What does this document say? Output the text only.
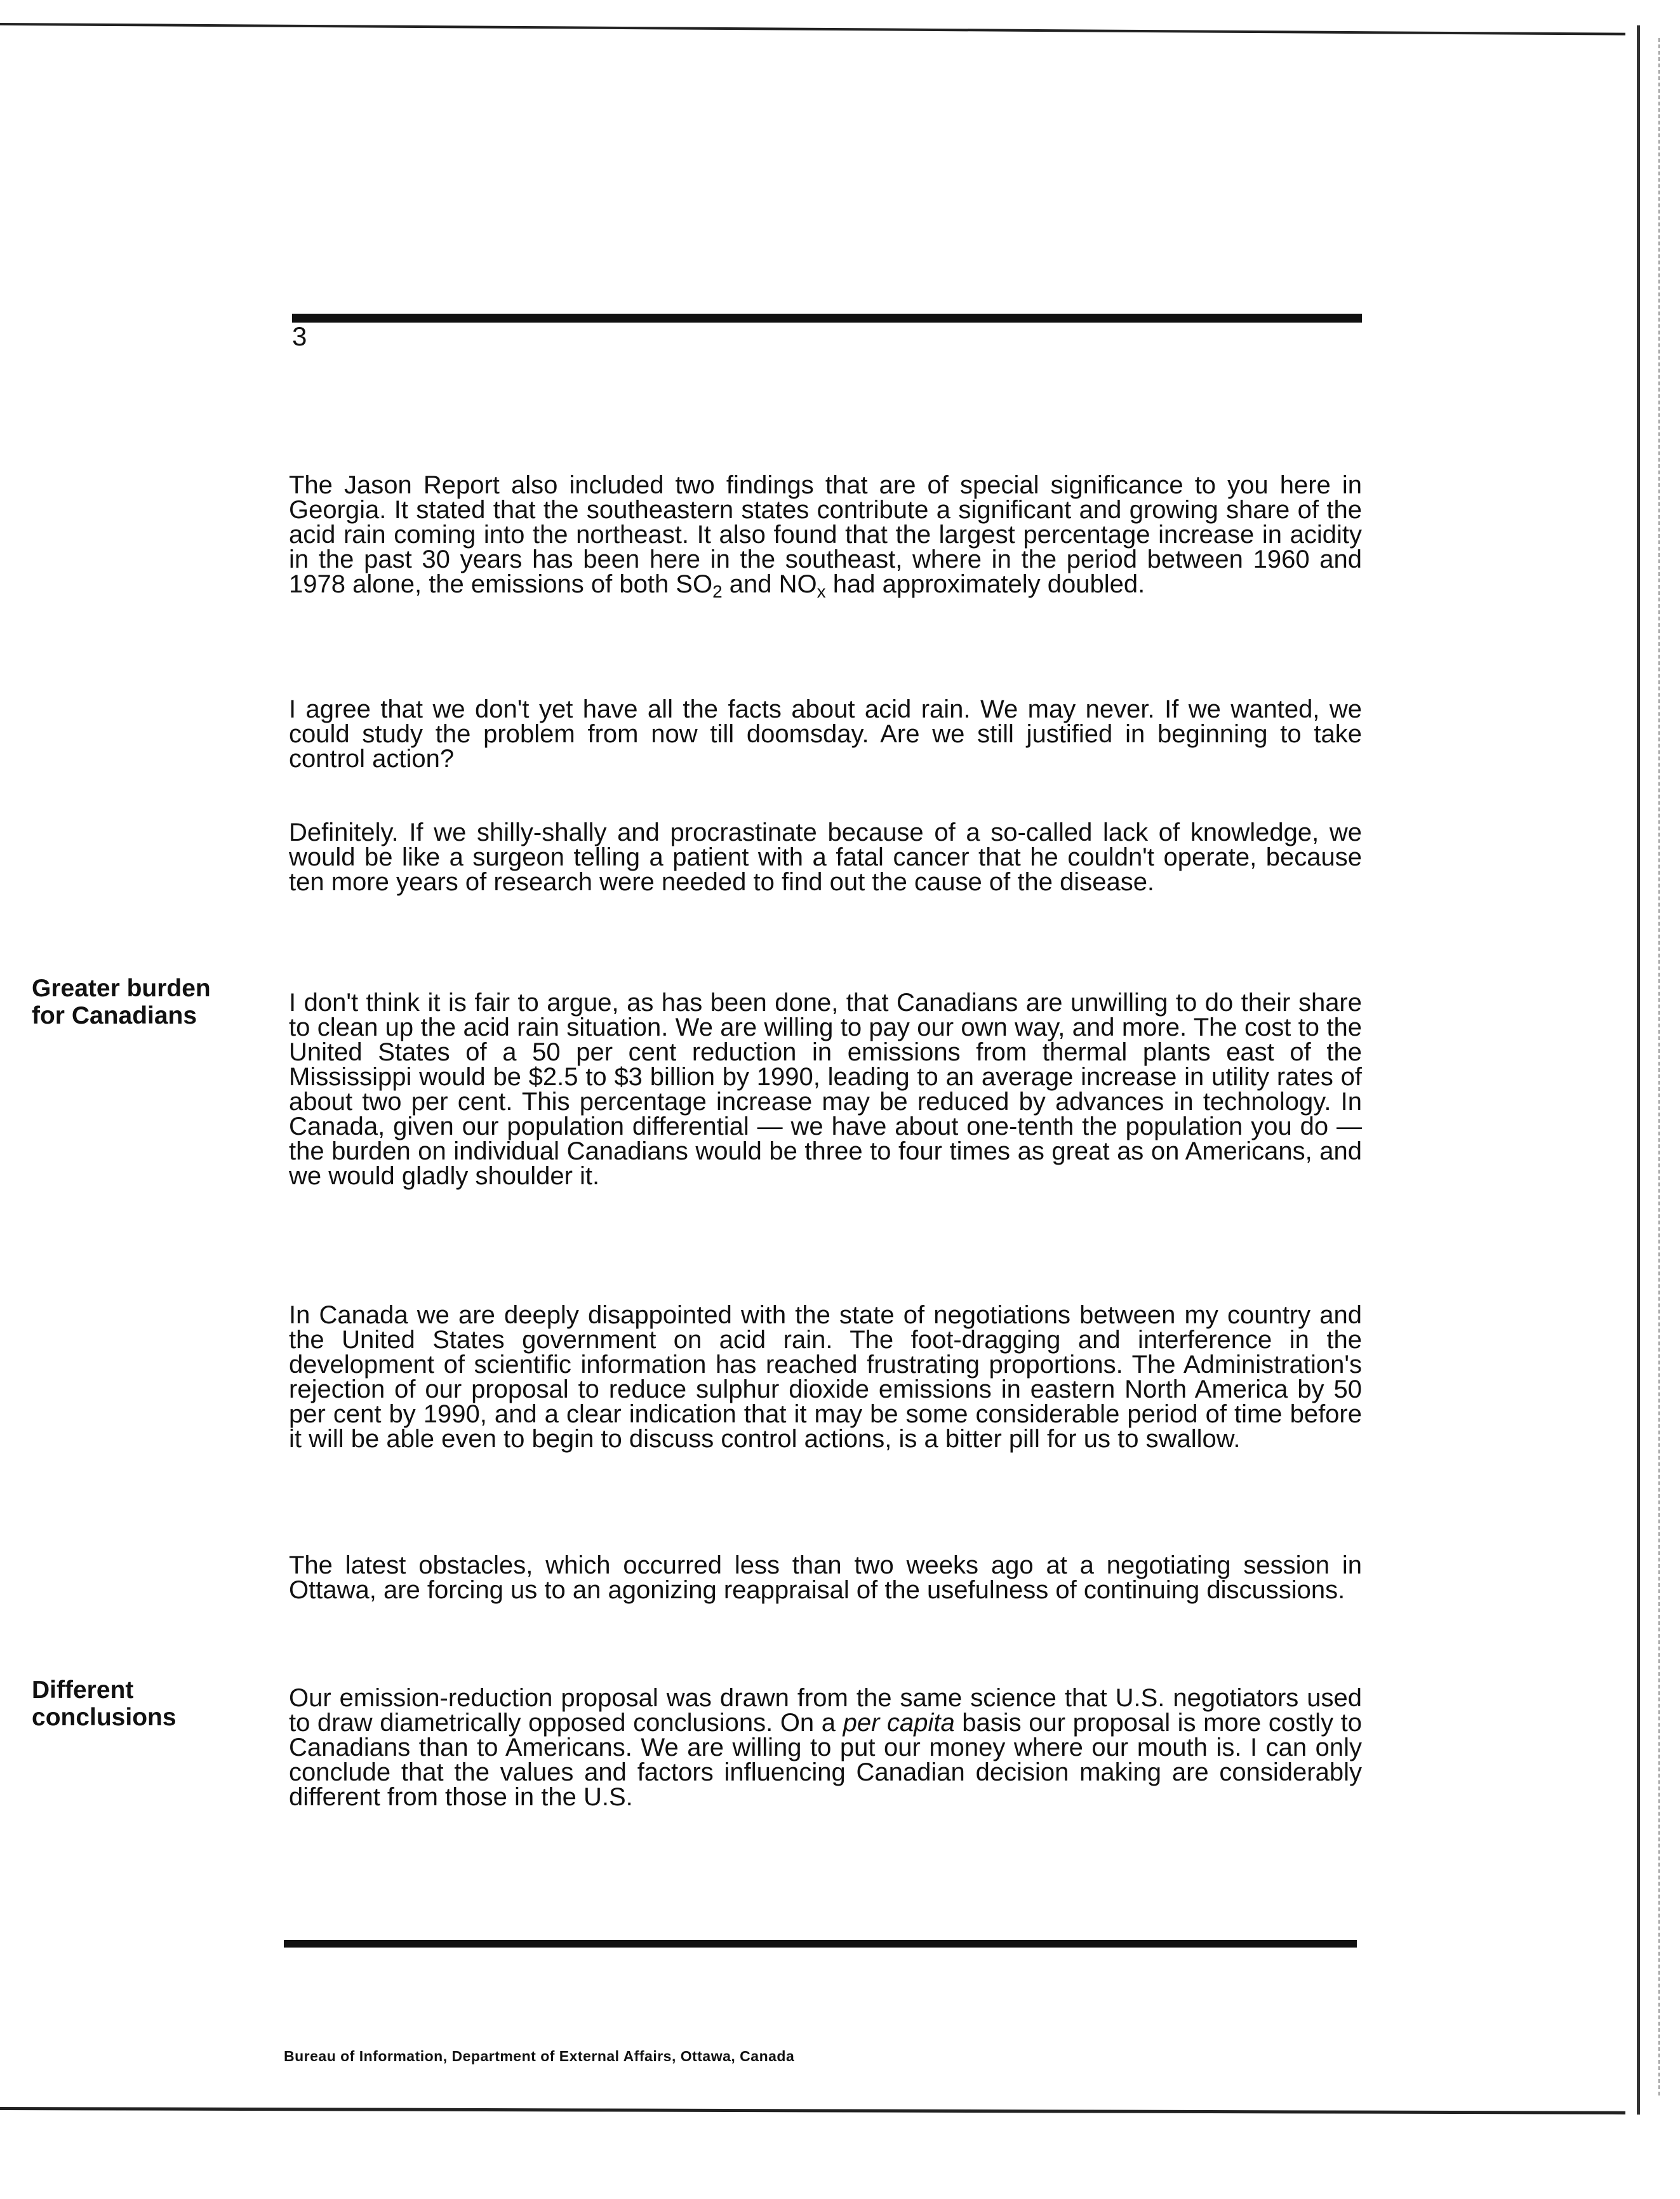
3

The Jason Report also included two findings that are of special significance to you here in Georgia. It stated that the southeastern states contribute a significant and growing share of the acid rain coming into the northeast. It also found that the largest percentage increase in acidity in the past 30 years has been here in the southeast, where in the period between 1960 and 1978 alone, the emissions of both $SO_2$ and $NO_x$ had approximately doubled.

I agree that we don't yet have all the facts about acid rain. We may never. If we wanted, we could study the problem from now till doomsday. Are we still justified in beginning to take control action?

Definitely. If we shilly-shally and procrastinate because of a so-called lack of knowledge, we would be like a surgeon telling a patient with a fatal cancer that he couldn't operate, because ten more years of research were needed to find out the cause of the disease.

Greater burden
for Canadians	I don't think it is fair to argue, as has been done, that Canadians are unwilling to do their share to clean up the acid rain situation. We are willing to pay our own way, and more. The cost to the United States of a 50 per cent reduction in emissions from thermal plants east of the Mississippi would be $2.5 to $3 billion by 1990, leading to an average increase in utility rates of about two per cent. This percentage increase may be reduced by advances in technology. In Canada, given our population differential — we have about one-tenth the population you do — the burden on individual Canadians would be three to four times as great as on Americans, and we would gladly shoulder it.

In Canada we are deeply disappointed with the state of negotiations between my country and the United States government on acid rain. The foot-dragging and interference in the development of scientific information has reached frustrating proportions. The Administration's rejection of our proposal to reduce sulphur dioxide emissions in eastern North America by 50 per cent by 1990, and a clear indication that it may be some considerable period of time before it will be able even to begin to discuss control actions, is a bitter pill for us to swallow.

The latest obstacles, which occurred less than two weeks ago at a negotiating session in Ottawa, are forcing us to an agonizing reappraisal of the usefulness of continuing discussions.

Different
conclusions

Our emission-reduction proposal was drawn from the same science that U.S. negotiators used to draw diametrically opposed conclusions. On a per capita basis our proposal is more costly to Canadians than to Americans. We are willing to put our money where our mouth is. I can only conclude that the values and factors influencing Canadian decision making are considerably different from those in the U.S.

Bureau of Information, Department of External Affairs, Ottawa, Canada
